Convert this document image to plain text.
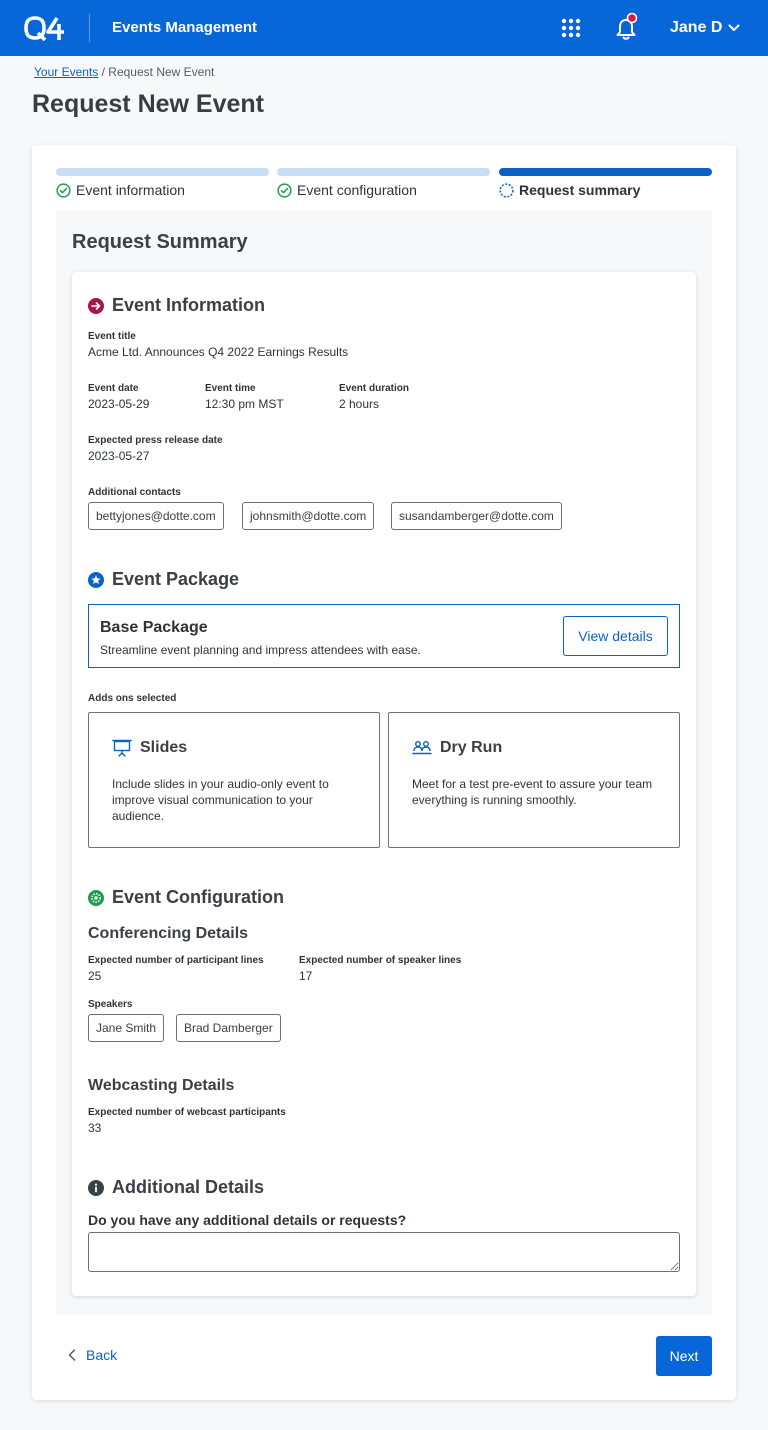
Events Management	Jane D
Your Events / Request New Event
Request New Event
Event information	Event configuration	Request summary
Request Summary
Event Information
Event title
Acme Ltd. Announces Q4 2022 Earnings Results
Event date
2023-05-29
Event time
12:30 pm MST
Event duration
2 hours
Expected press release date
2023-05-27
Additional contacts
bettyjones@dotte.com	johnsmith@dotte.com	susandamberger@dotte.com
Event Package
Base Package
Streamline event planning and impress attendees with ease.
View details
Adds ons selected
Slides
Include slides in your audio-only event to improve visual communication to your audience.
Dry Run
Meet for a test pre-event to assure your team everything is running smoothly.
Event Configuration
Conferencing Details
Expected number of participant lines
25
Expected number of speaker lines
17
Speakers
Jane Smith	Brad Damberger
Webcasting Details
Expected number of webcast participants
33
Additional Details
Do you have any additional details or requests?
Back	Next
